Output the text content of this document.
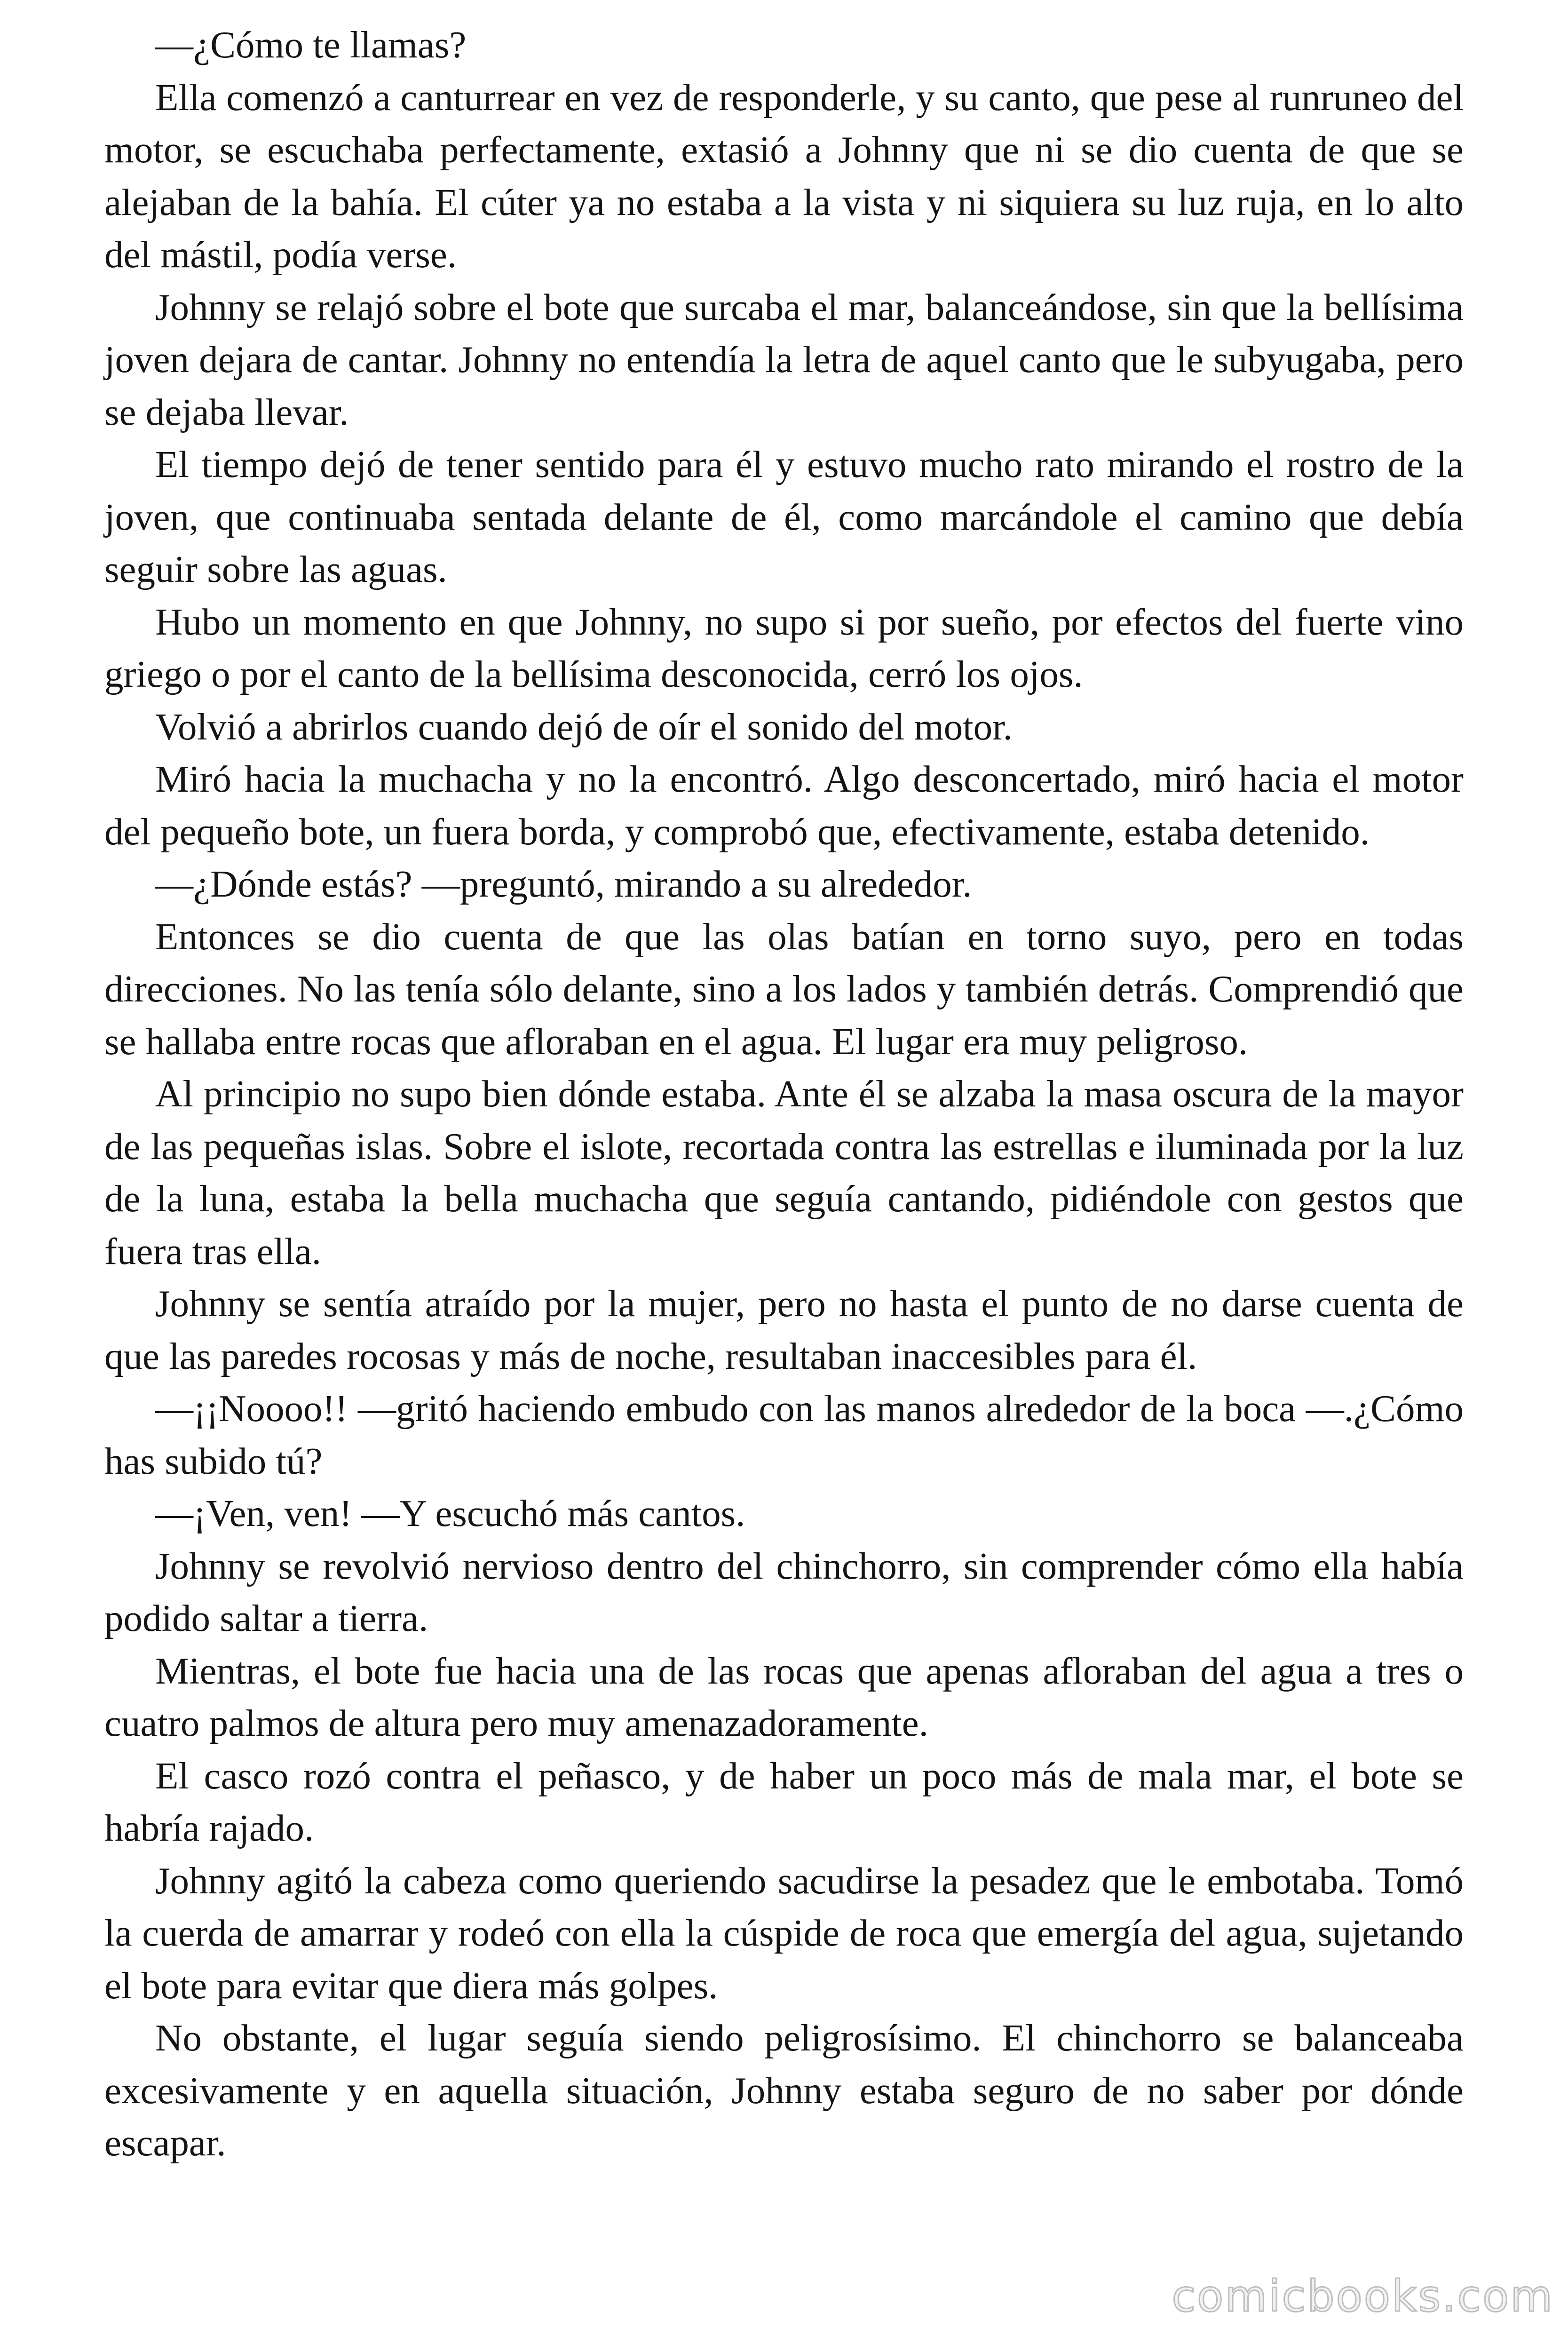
—¿Cómo te llamas?

Ella comenzó a canturrear en vez de responderle, y su canto, que pese al runruneo del motor, se escuchaba perfectamente, extasió a Johnny que ni se dio cuenta de que se alejaban de la bahía. El cúter ya no estaba a la vista y ni siquiera su luz ruja, en lo alto del mástil, podía verse.

Johnny se relajó sobre el bote que surcaba el mar, balanceándose, sin que la bellísima joven dejara de cantar. Johnny no entendía la letra de aquel canto que le subyugaba, pero se dejaba llevar.

El tiempo dejó de tener sentido para él y estuvo mucho rato mirando el rostro de la joven, que continuaba sentada delante de él, como marcándole el camino que debía seguir sobre las aguas.

Hubo un momento en que Johnny, no supo si por sueño, por efectos del fuerte vino griego o por el canto de la bellísima desconocida, cerró los ojos.

Volvió a abrirlos cuando dejó de oír el sonido del motor.

Miró hacia la muchacha y no la encontró. Algo desconcertado, miró hacia el motor del pequeño bote, un fuera borda, y comprobó que, efectivamente, estaba detenido.

—¿Dónde estás? —preguntó, mirando a su alrededor.

Entonces se dio cuenta de que las olas batían en torno suyo, pero en todas direcciones. No las tenía sólo delante, sino a los lados y también detrás. Comprendió que se hallaba entre rocas que afloraban en el agua. El lugar era muy peligroso.

Al principio no supo bien dónde estaba. Ante él se alzaba la masa oscura de la mayor de las pequeñas islas. Sobre el islote, recortada contra las estrellas e iluminada por la luz de la luna, estaba la bella muchacha que seguía cantando, pidiéndole con gestos que fuera tras ella.

Johnny se sentía atraído por la mujer, pero no hasta el punto de no darse cuenta de que las paredes rocosas y más de noche, resultaban inaccesibles para él.

—¡¡Noooo!! —gritó haciendo embudo con las manos alrededor de la boca —.¿Cómo has subido tú?

—¡Ven, ven! —Y escuchó más cantos.

Johnny se revolvió nervioso dentro del chinchorro, sin comprender cómo ella había podido saltar a tierra.

Mientras, el bote fue hacia una de las rocas que apenas afloraban del agua a tres o cuatro palmos de altura pero muy amenazadoramente.

El casco rozó contra el peñasco, y de haber un poco más de mala mar, el bote se habría rajado.

Johnny agitó la cabeza como queriendo sacudirse la pesadez que le embotaba. Tomó la cuerda de amarrar y rodeó con ella la cúspide de roca que emergía del agua, sujetando el bote para evitar que diera más golpes.

No obstante, el lugar seguía siendo peligrosísimo. El chinchorro se balanceaba excesivamente y en aquella situación, Johnny estaba seguro de no saber por dónde escapar.

comicbooks.com
